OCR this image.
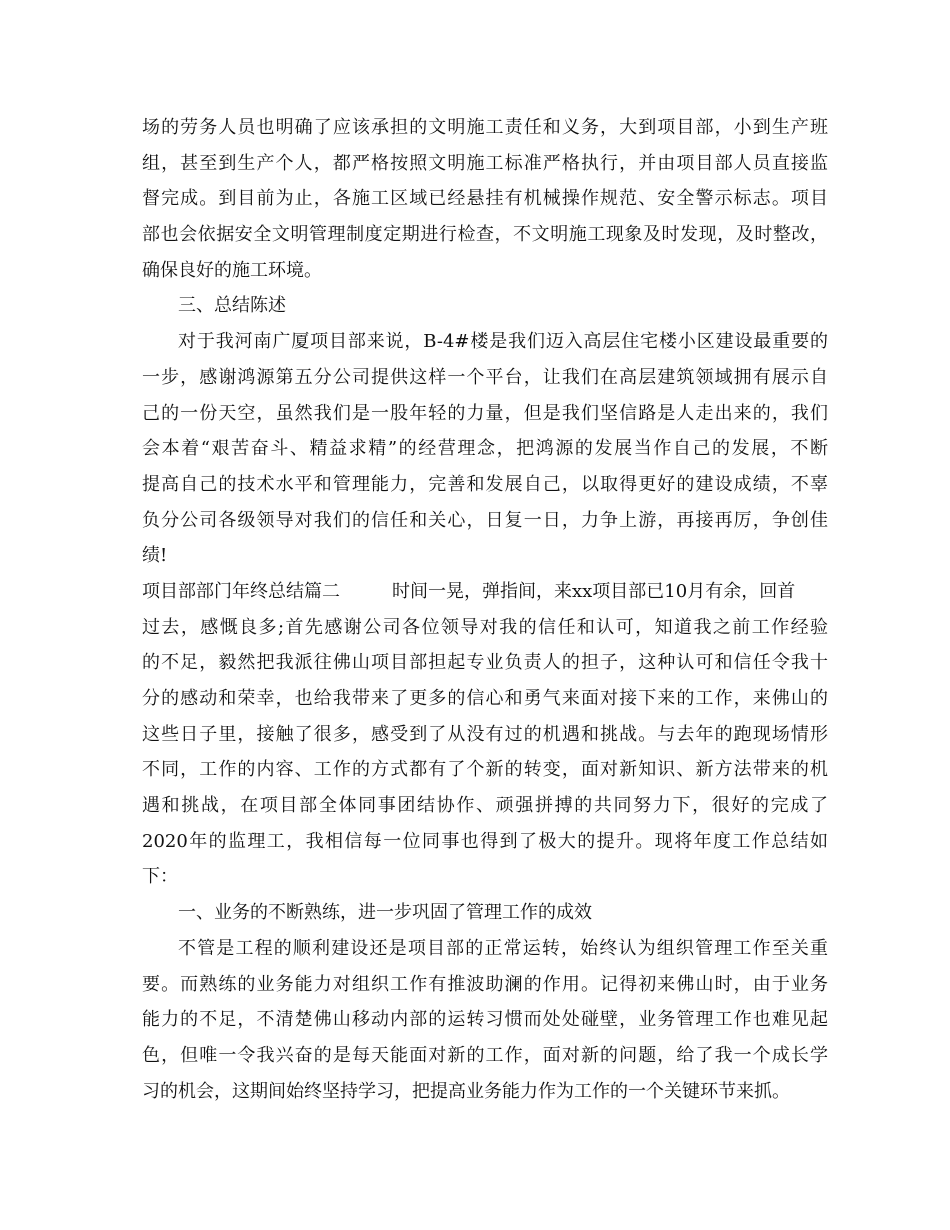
场的劳务人员也明确了应该承担的文明施工责任和义务，大到项目部，小到生产班
组，甚至到生产个人，都严格按照文明施工标准严格执行，并由项目部人员直接监
督完成。到目前为止，各施工区域已经悬挂有机械操作规范、安全警示标志。项目
部也会依据安全文明管理制度定期进行检查，不文明施工现象及时发现，及时整改，
确保良好的施工环境。
三、总结陈述
对于我河南广厦项目部来说，B-4#楼是我们迈入高层住宅楼小区建设最重要的
一步，感谢鸿源第五分公司提供这样一个平台，让我们在高层建筑领域拥有展示自
己的一份天空，虽然我们是一股年轻的力量，但是我们坚信路是人走出来的，我们
会本着“艰苦奋斗、精益求精”的经营理念，把鸿源的发展当作自己的发展，不断
提高自己的技术水平和管理能力，完善和发展自己，以取得更好的建设成绩，不辜
负分公司各级领导对我们的信任和关心，日复一日，力争上游，再接再厉，争创佳
绩!
项目部部门年终总结篇二	时间一晃，弹指间，来xx项目部已10月有余，回首
过去，感慨良多;首先感谢公司各位领导对我的信任和认可，知道我之前工作经验
的不足，毅然把我派往佛山项目部担起专业负责人的担子，这种认可和信任令我十
分的感动和荣幸，也给我带来了更多的信心和勇气来面对接下来的工作，来佛山的
这些日子里，接触了很多，感受到了从没有过的机遇和挑战。与去年的跑现场情形
不同，工作的内容、工作的方式都有了个新的转变，面对新知识、新方法带来的机
遇和挑战，在项目部全体同事团结协作、顽强拼搏的共同努力下，很好的完成了
2020年的监理工，我相信每一位同事也得到了极大的提升。现将年度工作总结如
下：
一、业务的不断熟练，进一步巩固了管理工作的成效
不管是工程的顺利建设还是项目部的正常运转，始终认为组织管理工作至关重
要。而熟练的业务能力对组织工作有推波助澜的作用。记得初来佛山时，由于业务
能力的不足，不清楚佛山移动内部的运转习惯而处处碰壁，业务管理工作也难见起
色，但唯一令我兴奋的是每天能面对新的工作，面对新的问题，给了我一个成长学
习的机会，这期间始终坚持学习，把提高业务能力作为工作的一个关键环节来抓。
